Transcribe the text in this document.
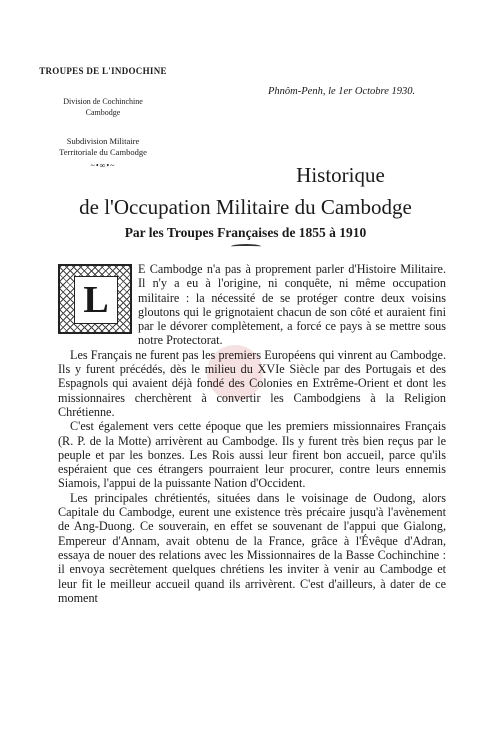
TROUPES DE L'INDOCHINE
Division de Cochinchine
Cambodge
Subdivision Militaire
Territoriale du Cambodge
~•∞•~
Phnôm-Penh, le 1er Octobre 1930.
Historique
de l'Occupation Militaire du Cambodge
Par les Troupes Françaises de 1855 à 1910

L
E Cambodge n'a pas à proprement parler d'Histoire Militaire. Il n'y a eu à l'origine, ni conquête, ni même occupation militaire : la nécessité de se protéger contre deux voisins gloutons qui le grignotaient chacun de son côté et auraient fini par le dévorer complètement, a forcé ce pays à se mettre sous notre Protectorat.

Les Français ne furent pas les premiers Européens qui vinrent au Cambodge. Ils y furent précédés, dès le milieu du XVIe Siècle par des Portugais et des Espagnols qui avaient déjà fondé des Colonies en Extrême-Orient et dont les missionnaires cherchèrent à convertir les Cambodgiens à la Religion Chrétienne.

C'est également vers cette époque que les premiers missionnaires Français (R. P. de la Motte) arrivèrent au Cambodge. Ils y furent très bien reçus par le peuple et par les bonzes. Les Rois aussi leur firent bon accueil, parce qu'ils espéraient que ces étrangers pourraient leur procurer, contre leurs ennemis Siamois, l'appui de la puissante Nation d'Occident.

Les principales chrétientés, situées dans le voisinage de Oudong, alors Capitale du Cambodge, eurent une existence très précaire jusqu'à l'avènement de Ang-Duong. Ce souverain, en effet se souvenant de l'appui que Gialong, Empereur d'Annam, avait obtenu de la France, grâce à l'Évêque d'Adran, essaya de nouer des relations avec les Missionnaires de la Basse Cochinchine : il envoya secrètement quelques chrétiens les inviter à venir au Cambodge et leur fit le meilleur accueil quand ils arrivèrent. C'est d'ailleurs, à dater de ce moment
